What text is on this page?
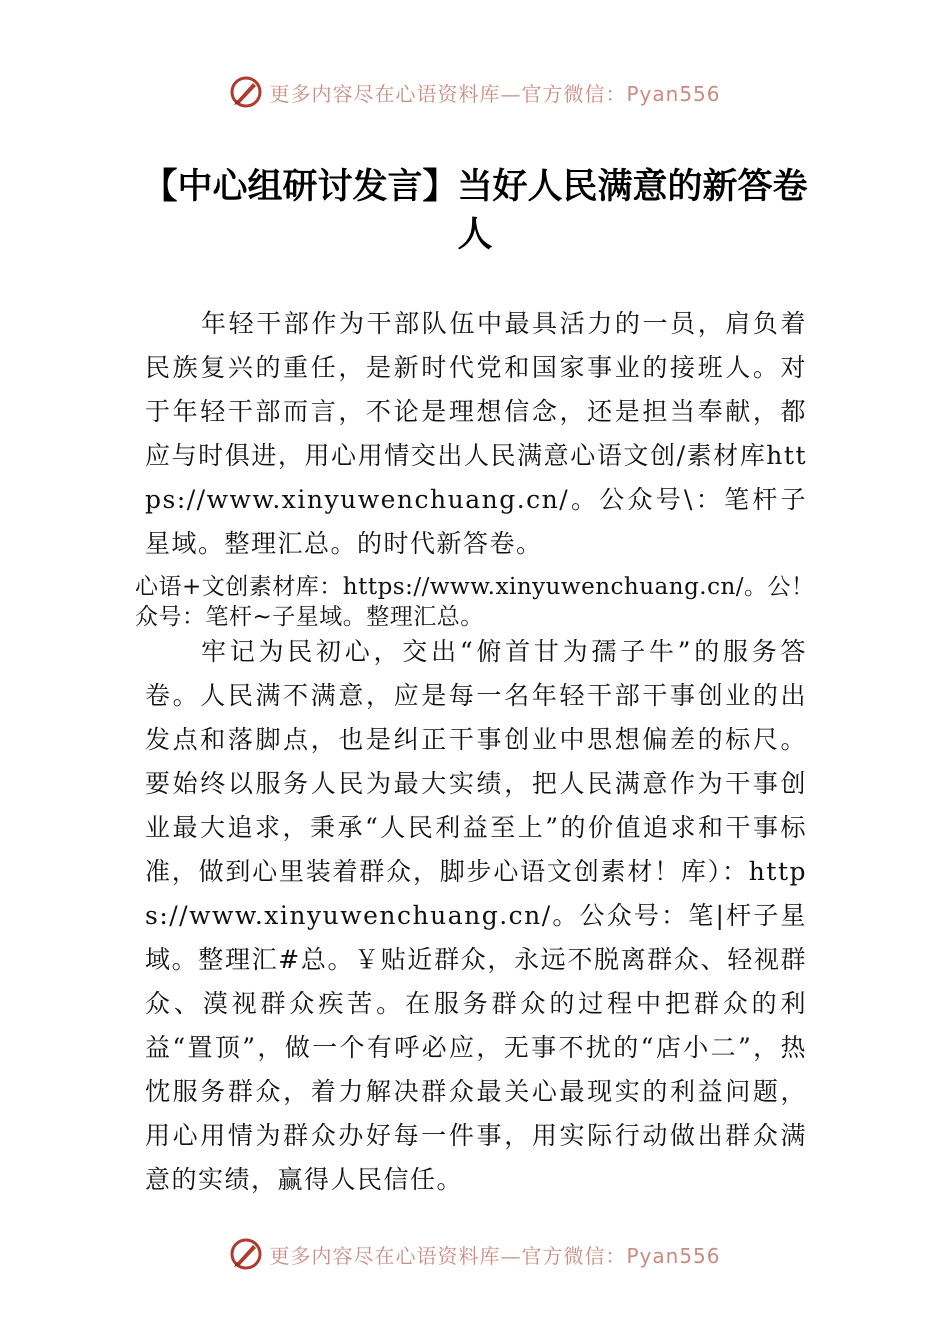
更多内容尽在心语资料库—官方微信：Pyan556
【中心组研讨发言】当好人民满意的新答卷人

年轻干部作为干部队伍中最具活力的一员，肩负着民族复兴的重任，是新时代党和国家事业的接班人。对于年轻干部而言，不论是理想信念，还是担当奉献，都应与时俱进，用心用情交出人民满意心语文创/素材库https://www.xinyuwenchuang.cn/。公众号\：笔杆子星域。整理汇总。的时代新答卷。

心语+文创素材库：https://www.xinyuwenchuang.cn/。公！众号：笔杆~子星域。整理汇总。

牢记为民初心，交出“俯首甘为孺子牛”的服务答卷。人民满不满意，应是每一名年轻干部干事创业的出发点和落脚点，也是纠正干事创业中思想偏差的标尺。要始终以服务人民为最大实绩，把人民满意作为干事创业最大追求，秉承“人民利益至上”的价值追求和干事标准，做到心里装着群众，脚步心语文创素材！库）：https://www.xinyuwenchuang.cn/。公众号：笔|杆子星域。整理汇#总。￥贴近群众，永远不脱离群众、轻视群众、漠视群众疾苦。在服务群众的过程中把群众的利益“置顶”，做一个有呼必应，无事不扰的“店小二”，热忱服务群众，着力解决群众最关心最现实的利益问题，用心用情为群众办好每一件事，用实际行动做出群众满意的实绩，赢得人民信任。

更多内容尽在心语资料库—官方微信：Pyan556
